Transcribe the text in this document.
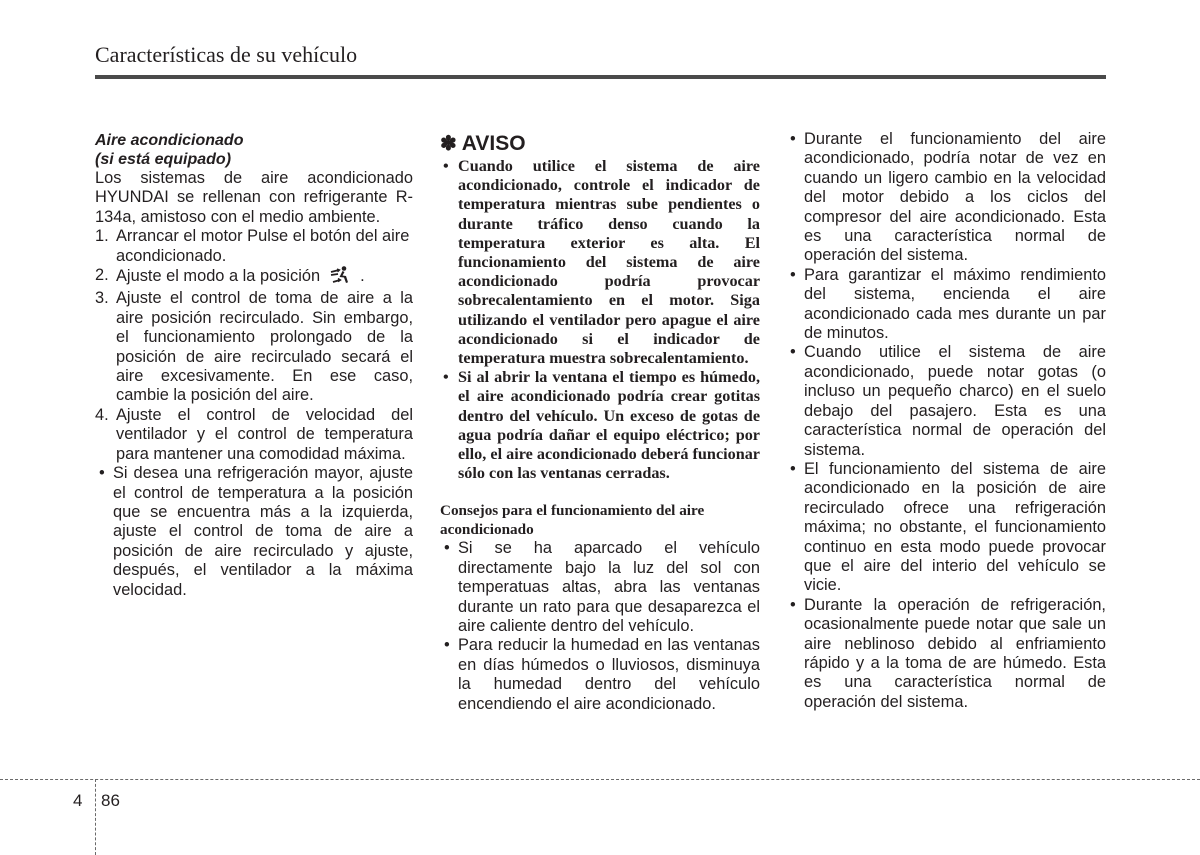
Características de su vehículo
Aire acondicionado
(si está equipado)

Los sistemas de aire acondicionado HYUNDAI se rellenan con refrigerante R-134a, amistoso con el medio ambiente.

1. Arrancar el motor Pulse el botón del aire acondicionado.
2. Ajuste el modo a la posición .
3. Ajuste el control de toma de aire a la aire posición recirculado. Sin embargo, el funcionamiento prolongado de la posición de aire recirculado secará el aire excesivamente. En ese caso, cambie la posición del aire.
4. Ajuste el control de velocidad del ventilador y el control de temperatura para mantener una comodidad máxima.
• Si desea una refrigeración mayor, ajuste el control de temperatura a la posición que se encuentra más a la izquierda, ajuste el control de toma de aire a posición de aire recirculado y ajuste, después, el ventilador a la máxima velocidad.
✽ AVISO
• Cuando utilice el sistema de aire acondicionado, controle el indicador de temperatura mientras sube pendientes o durante tráfico denso cuando la temperatura exterior es alta. El funcionamiento del sistema de aire acondicionado podría provocar sobrecalentamiento en el motor. Siga utilizando el ventilador pero apague el aire acondicionado si el indicador de temperatura muestra sobrecalentamiento.
• Si al abrir la ventana el tiempo es húmedo, el aire acondicionado podría crear gotitas dentro del vehículo. Un exceso de gotas de agua podría dañar el equipo eléctrico; por ello, el aire acondicionado deberá funcionar sólo con las ventanas cerradas.
Consejos para el funcionamiento del aire acondicionado
• Si se ha aparcado el vehículo directamente bajo la luz del sol con temperatuas altas, abra las ventanas durante un rato para que desaparezca el aire caliente dentro del vehículo.
• Para reducir la humedad en las ventanas en días húmedos o lluviosos, disminuya la humedad dentro del vehículo encendiendo el aire acondicionado.
• Durante el funcionamiento del aire acondicionado, podría notar de vez en cuando un ligero cambio en la velocidad del motor debido a los ciclos del compresor del aire acondicionado. Esta es una característica normal de operación del sistema.
• Para garantizar el máximo rendimiento del sistema, encienda el aire acondicionado cada mes durante un par de minutos.
• Cuando utilice el sistema de aire acondicionado, puede notar gotas (o incluso un pequeño charco) en el suelo debajo del pasajero. Esta es una característica normal de operación del sistema.
• El funcionamiento del sistema de aire acondicionado en la posición de aire recirculado ofrece una refrigeración máxima; no obstante, el funcionamiento continuo en esta modo puede provocar que el aire del interio del vehículo se vicie.
• Durante la operación de refrigeración, ocasionalmente puede notar que sale un aire neblinoso debido al enfriamiento rápido y a la toma de are húmedo. Esta es una característica normal de operación del sistema.
4 86
